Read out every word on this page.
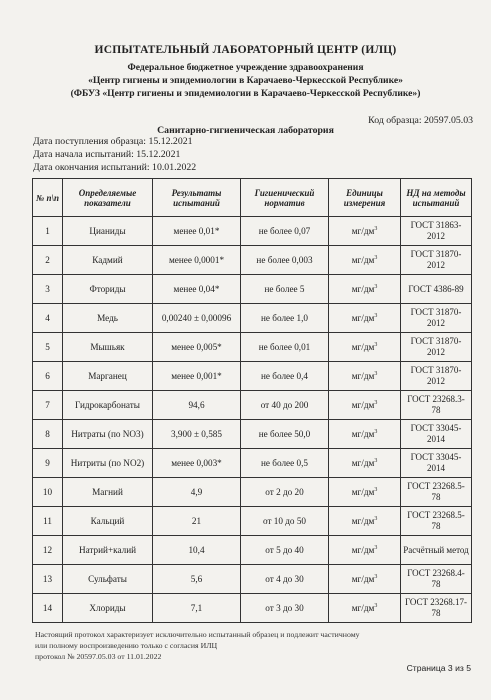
ИСПЫТАТЕЛЬНЫЙ ЛАБОРАТОРНЫЙ ЦЕНТР (ИЛЦ)
Федеральное бюджетное учреждение здравоохранения
«Центр гигиены и эпидемиологии в Карачаево-Черкесской Республике»
(ФБУЗ «Центр гигиены и эпидемиологии в Карачаево-Черкесской Республике»)
Код образца: 20597.05.03
Санитарно-гигиеническая лаборатория
Дата поступления образца: 15.12.2021
Дата начала испытаний: 15.12.2021
Дата окончания испытаний: 10.01.2022
№ п\п	Определяемые показатели	Результаты испытаний	Гигиенический норматив	Единицы измерения	НД на методы испытаний
1	Цианиды	менее 0,01*	не более 0,07	$мг/дм^3$	ГОСТ 31863-2012
2	Кадмий	менее 0,0001*	не более 0,003	$мг/дм^3$	ГОСТ 31870-2012
3	Фториды	менее 0,04*	не более 5	$мг/дм^3$	ГОСТ 4386-89
4	Медь	0,00240 ± 0,00096	не более 1,0	$мг/дм^3$	ГОСТ 31870-2012
5	Мышьяк	менее 0,005*	не более 0,01	$мг/дм^3$	ГОСТ 31870-2012
6	Марганец	менее 0,001*	не более 0,4	$мг/дм^3$	ГОСТ 31870-2012
7	Гидрокарбонаты	94,6	от 40 до 200	$мг/дм^3$	ГОСТ 23268.3-78
8	Нитраты (по NO3)	3,900 ± 0,585	не более 50,0	$мг/дм^3$	ГОСТ 33045-2014
9	Нитриты (по NO2)	менее 0,003*	не более 0,5	$мг/дм^3$	ГОСТ 33045-2014
10	Магний	4,9	от 2 до 20	$мг/дм^3$	ГОСТ 23268.5-78
11	Кальций	21	от 10 до 50	$мг/дм^3$	ГОСТ 23268.5-78
12	Натрий+калий	10,4	от 5 до 40	$мг/дм^3$	Расчётный метод
13	Сульфаты	5,6	от 4 до 30	$мг/дм^3$	ГОСТ 23268.4-78
14	Хлориды	7,1	от 3 до 30	$мг/дм^3$	ГОСТ 23268.17-78
Настоящий протокол характеризует исключительно испытанный образец и подлежит частичному
или полному воспроизведению только с согласия ИЛЦ
протокол № 20597.05.03 от 11.01.2022
Страница 3 из 5
